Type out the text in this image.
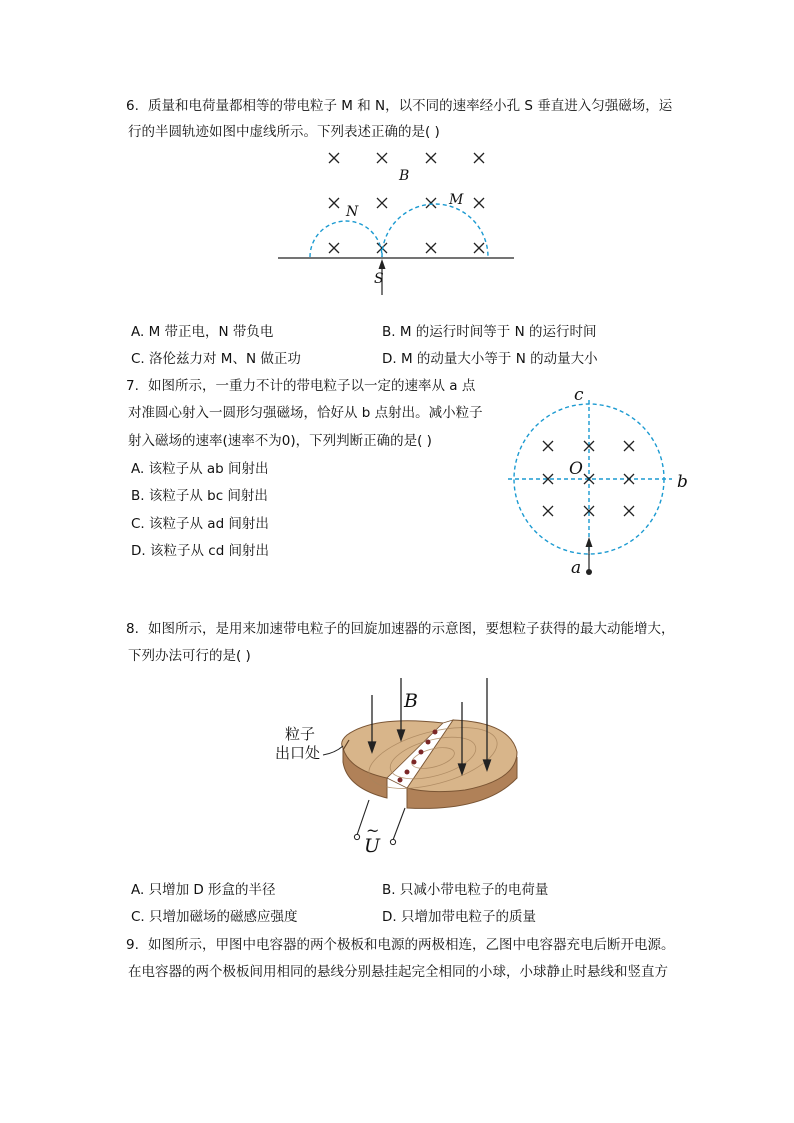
6. 质量和电荷量都相等的带电粒子 M 和 N，以不同的速率经小孔 S 垂直进入匀强磁场，运
行的半圆轨迹如图中虚线所示。下列表述正确的是( )
B
N
M
S
A. M 带正电，N 带负电	B. M 的运行时间等于 N 的运行时间
C. 洛伦兹力对 M、N 做正功	D. M 的动量大小等于 N 的动量大小
7. 如图所示，一重力不计的带电粒子以一定的速率从 a 点
对准圆心射入一圆形匀强磁场，恰好从 b 点射出。减小粒子
射入磁场的速率(速率不为0)，下列判断正确的是( )
A. 该粒子从 ab 间射出
B. 该粒子从 bc 间射出
C. 该粒子从 ad 间射出
D. 该粒子从 cd 间射出
c
O
b
a
8. 如图所示，是用来加速带电粒子的回旋加速器的示意图，要想粒子获得的最大动能增大，
下列办法可行的是( )
B
粒子
出口处
~
U
A. 只增加 D 形盒的半径	B. 只减小带电粒子的电荷量
C. 只增加磁场的磁感应强度	D. 只增加带电粒子的质量
9. 如图所示，甲图中电容器的两个极板和电源的两极相连，乙图中电容器充电后断开电源。
在电容器的两个极板间用相同的悬线分别悬挂起完全相同的小球，小球静止时悬线和竖直方
